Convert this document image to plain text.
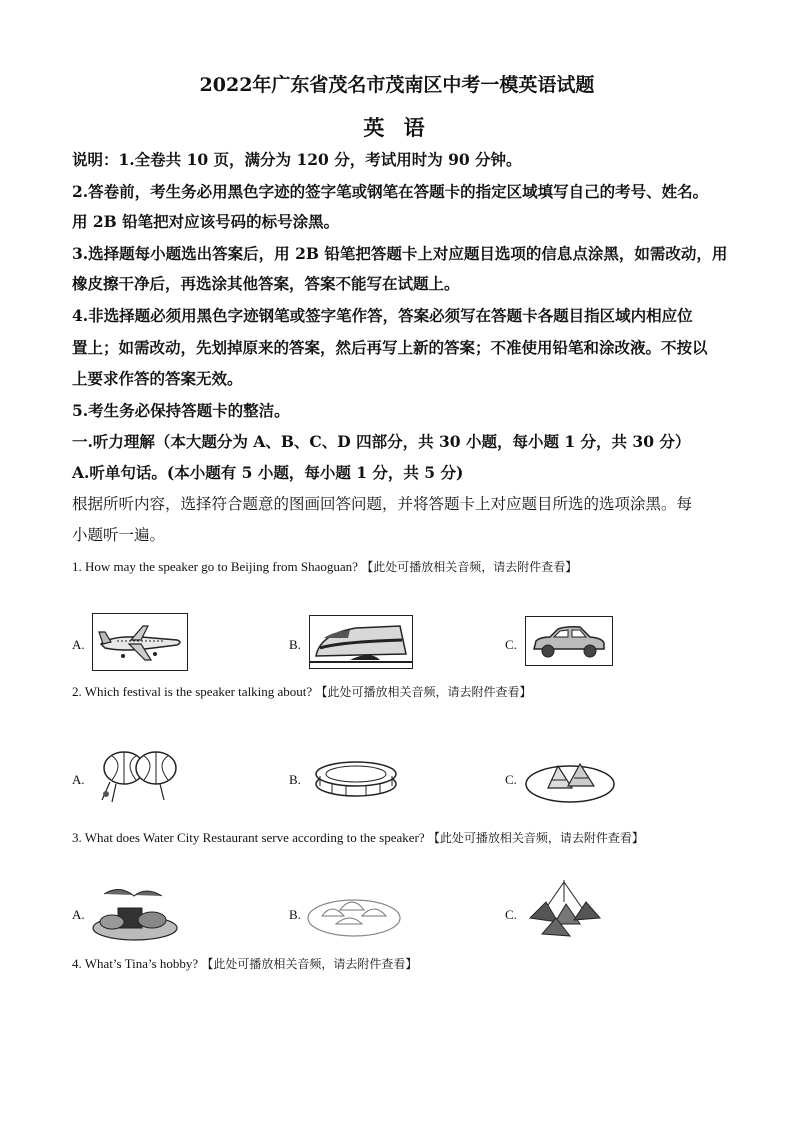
2022年广东省茂名市茂南区中考一模英语试题
英 语
说明：1.全卷共 10 页，满分为 120 分，考试用时为 90 分钟。
2.答卷前，考生务必用黑色字迹的签字笔或钢笔在答题卡的指定区域填写自己的考号、姓名。
用 2B 铅笔把对应该号码的标号涂黑。
3.选择题每小题选出答案后，用 2B 铅笔把答题卡上对应题目选项的信息点涂黑，如需改动，用
橡皮擦干净后，再选涂其他答案，答案不能写在试题上。
4.非选择题必须用黑色字迹钢笔或签字笔作答，答案必须写在答题卡各题目指区域内相应位
置上；如需改动，先划掉原来的答案，然后再写上新的答案；不准使用铅笔和涂改液。不按以
上要求作答的答案无效。
5.考生务必保持答题卡的整洁。
一.听力理解（本大题分为 A、B、C、D 四部分，共 30 小题，每小题 1 分，共 30 分）
A.听单句话。(本小题有 5 小题，每小题 1 分，共 5 分)
根据所听内容，选择符合题意的图画回答问题，并将答题卡上对应题目所选的选项涂黑。每
小题听一遍。
1. How may the speaker go to Beijing from Shaoguan? 【此处可播放相关音频，请去附件查看】
A.	B.	C.
2. Which festival is the speaker talking about? 【此处可播放相关音频，请去附件查看】
A.	B.	C.
3. What does Water City Restaurant serve according to the speaker? 【此处可播放相关音频，请去附件查看】
A.	B.	C.
4. What’s Tina’s hobby? 【此处可播放相关音频，请去附件查看】
